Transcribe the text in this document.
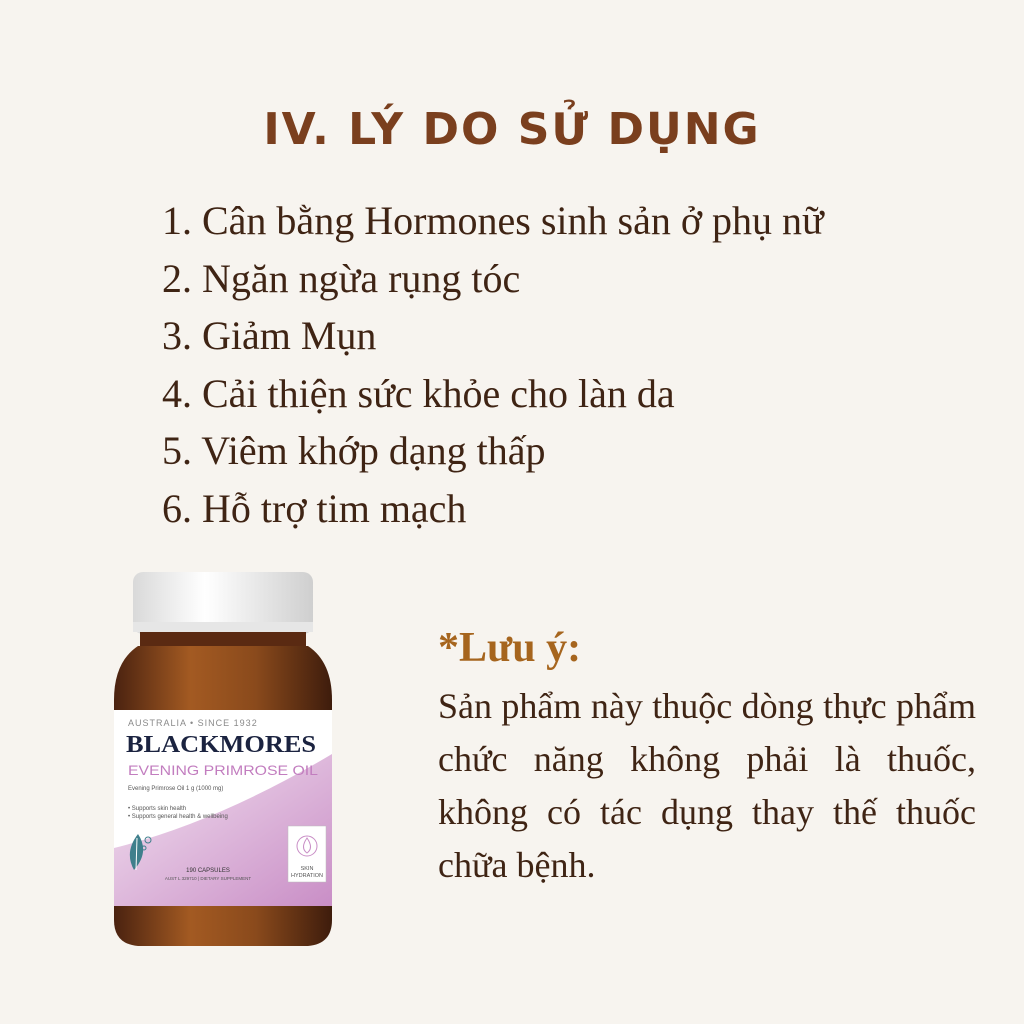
IV. LÝ DO SỬ DỤNG
1. Cân bằng Hormones sinh sản ở phụ nữ
2. Ngăn ngừa rụng tóc
3. Giảm Mụn
4. Cải thiện sức khỏe cho làn da
5. Viêm khớp dạng thấp
6. Hỗ trợ tim mạch
AUSTRALIA • SINCE 1932
BLACKMORES
EVENING PRIMROSE OIL
Evening Primrose Oil 1 g (1000 mg)
• Supports skin health
• Supports general health & wellbeing
SKIN
HYDRATION
190 CAPSULES
AUST L 329710 | DIETARY SUPPLEMENT
*Lưu ý:
Sản phẩm này thuộc dòng thực phẩm chức năng không phải là thuốc, không có tác dụng thay thế thuốc chữa bệnh.
